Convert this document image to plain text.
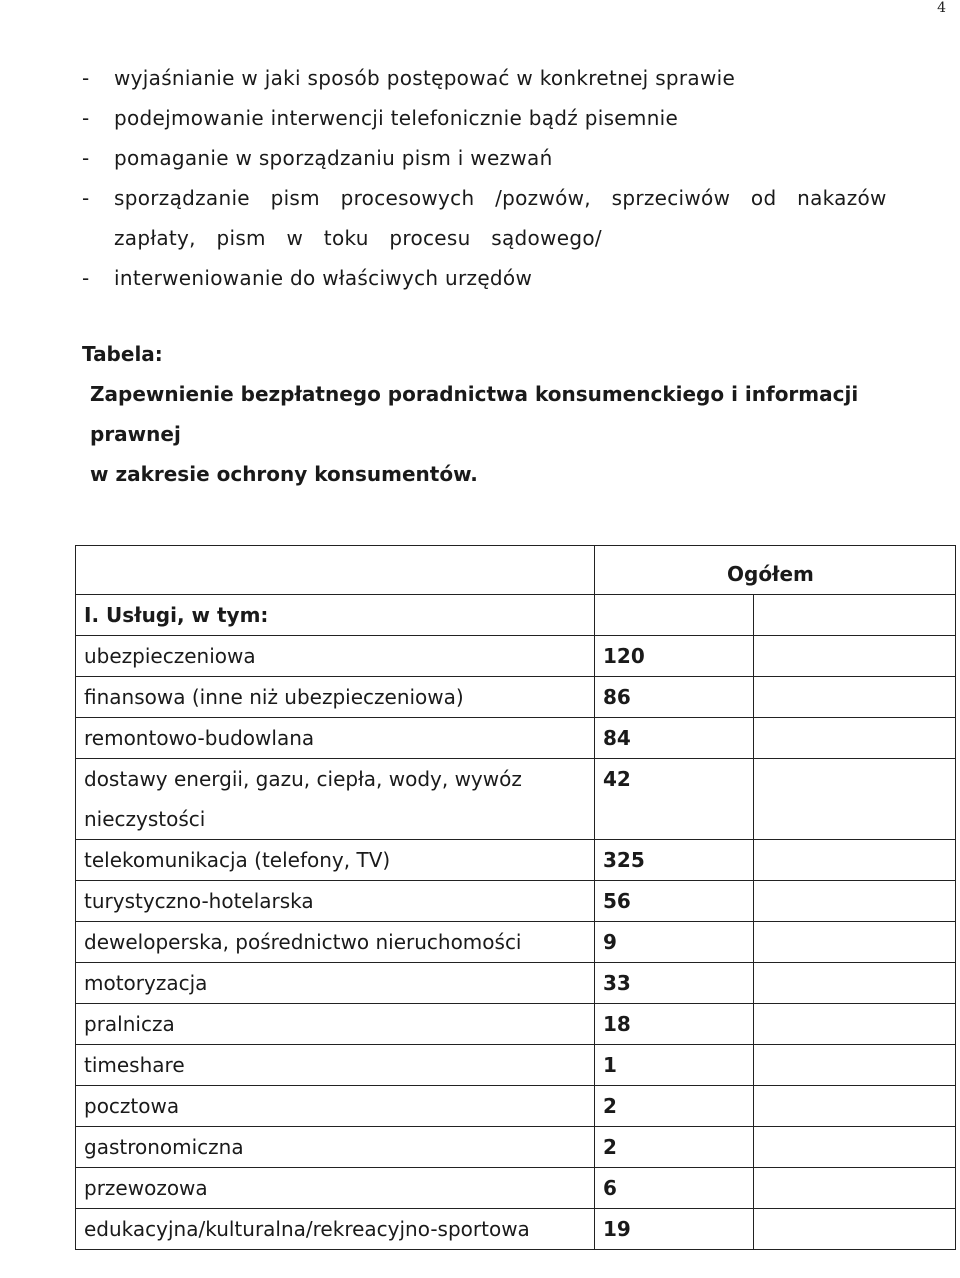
4
- wyjaśnianie w jaki sposób postępować w konkretnej sprawie
- podejmowanie interwencji telefonicznie bądź pisemnie
- pomaganie w sporządzaniu pism i wezwań
- sporządzanie pism procesowych /pozwów, sprzeciwów od nakazów zapłaty, pism w toku procesu sądowego/
- interweniowanie do właściwych urzędów
Tabela:
Zapewnienie bezpłatnego poradnictwa konsumenckiego i informacji prawnej
w zakresie ochrony konsumentów.
	Ogółem	
I. Usługi, w tym:		
ubezpieczeniowa	120	
finansowa (inne niż ubezpieczeniowa)	86	
remontowo-budowlana	84	
dostawy energii, gazu, ciepła, wody, wywóz nieczystości	42	
telekomunikacja (telefony, TV)	325	
turystyczno-hotelarska	56	
deweloperska, pośrednictwo nieruchomości	9	
motoryzacja	33	
pralnicza	18	
timeshare	1	
pocztowa	2	
gastronomiczna	2	
przewozowa	6	
edukacyjna/kulturalna/rekreacyjno-sportowa	19	
